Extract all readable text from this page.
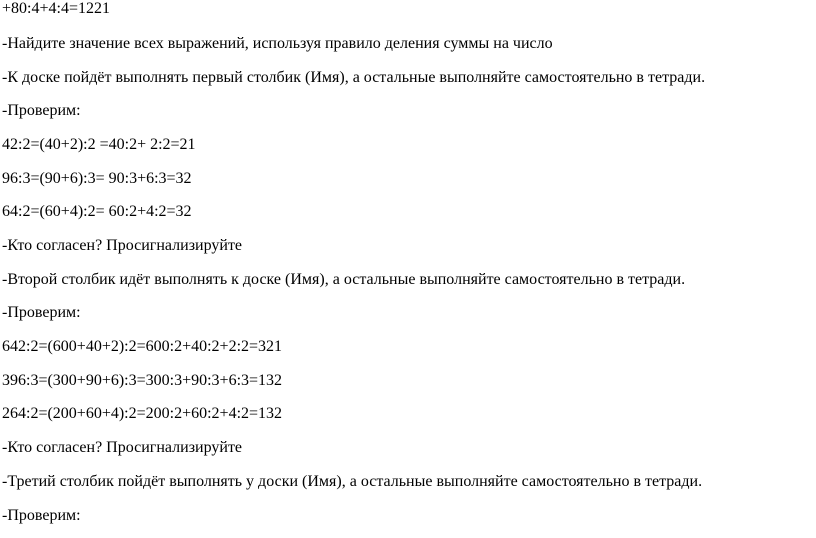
+80:4+4:4=1221
-Найдите значение всех выражений, используя правило деления суммы на число
-К доске пойдёт выполнять первый столбик (Имя), а остальные выполняйте самостоятельно в тетради.
-Проверим:
42:2=(40+2):2 =40:2+ 2:2=21
96:3=(90+6):3= 90:3+6:3=32
64:2=(60+4):2= 60:2+4:2=32
-Кто согласен? Просигнализируйте
-Второй столбик идёт выполнять к доске (Имя), а остальные выполняйте самостоятельно в тетради.
-Проверим:
642:2=(600+40+2):2=600:2+40:2+2:2=321
396:3=(300+90+6):3=300:3+90:3+6:3=132
264:2=(200+60+4):2=200:2+60:2+4:2=132
-Кто согласен? Просигнализируйте
-Третий столбик пойдёт выполнять у доски (Имя), а остальные выполняйте самостоятельно в тетради.
-Проверим:
